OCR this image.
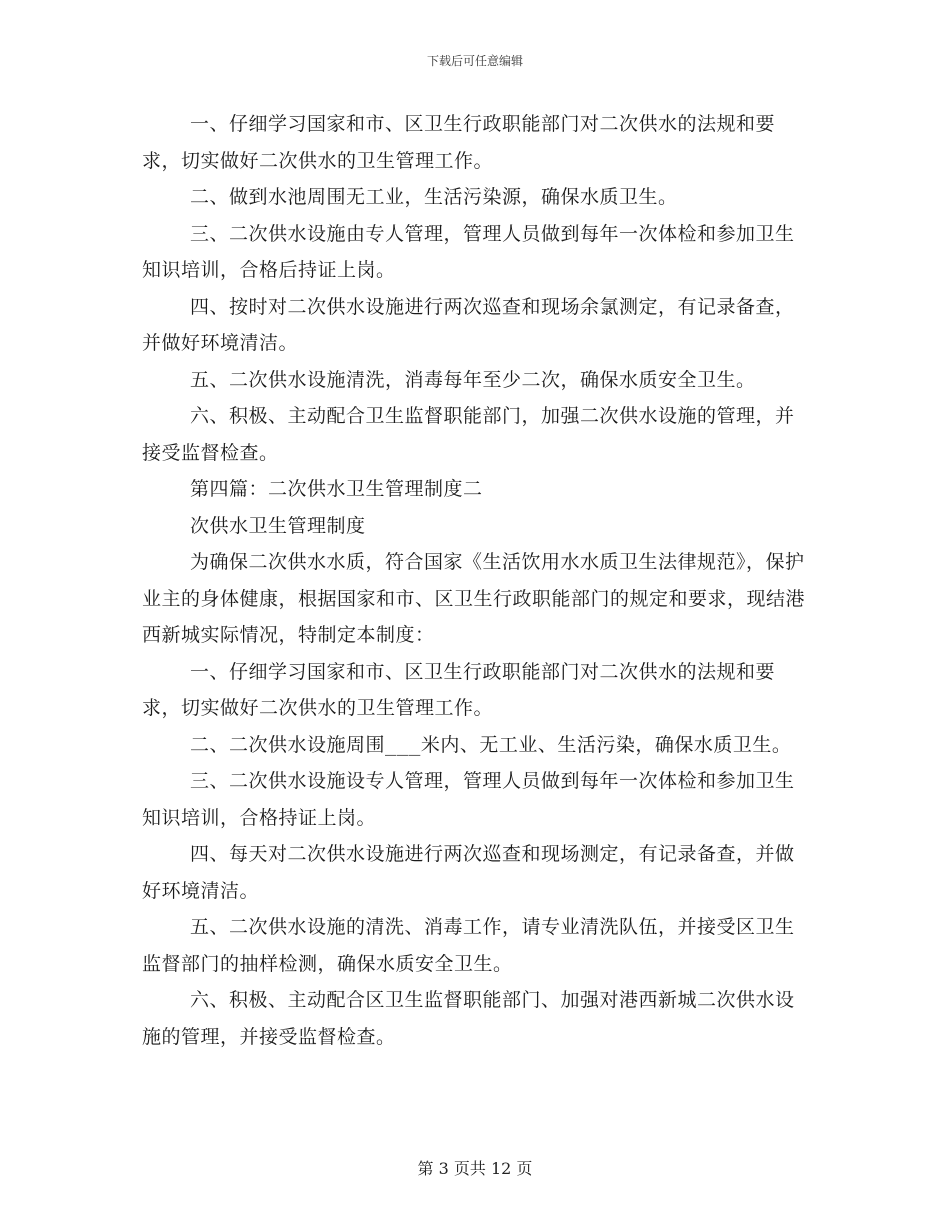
下载后可任意编辑

一、仔细学习国家和市、区卫生行政职能部门对二次供水的法规和要求，切实做好二次供水的卫生管理工作。

二、做到水池周围无工业，生活污染源，确保水质卫生。

三、二次供水设施由专人管理，管理人员做到每年一次体检和参加卫生知识培训，合格后持证上岗。

四、按时对二次供水设施进行两次巡查和现场余氯测定，有记录备查，并做好环境清洁。

五、二次供水设施清洗，消毒每年至少二次，确保水质安全卫生。

六、积极、主动配合卫生监督职能部门，加强二次供水设施的管理，并接受监督检查。

第四篇：二次供水卫生管理制度二

次供水卫生管理制度

为确保二次供水水质，符合国家《生活饮用水水质卫生法律规范》，保护业主的身体健康，根据国家和市、区卫生行政职能部门的规定和要求，现结港西新城实际情况，特制定本制度：

一、仔细学习国家和市、区卫生行政职能部门对二次供水的法规和要求，切实做好二次供水的卫生管理工作。

二、二次供水设施周围___米内、无工业、生活污染，确保水质卫生。

三、二次供水设施设专人管理，管理人员做到每年一次体检和参加卫生知识培训，合格持证上岗。

四、每天对二次供水设施进行两次巡查和现场测定，有记录备查，并做好环境清洁。

五、二次供水设施的清洗、消毒工作，请专业清洗队伍，并接受区卫生监督部门的抽样检测，确保水质安全卫生。

六、积极、主动配合区卫生监督职能部门、加强对港西新城二次供水设施的管理，并接受监督检查。

第 3 页共 12 页
